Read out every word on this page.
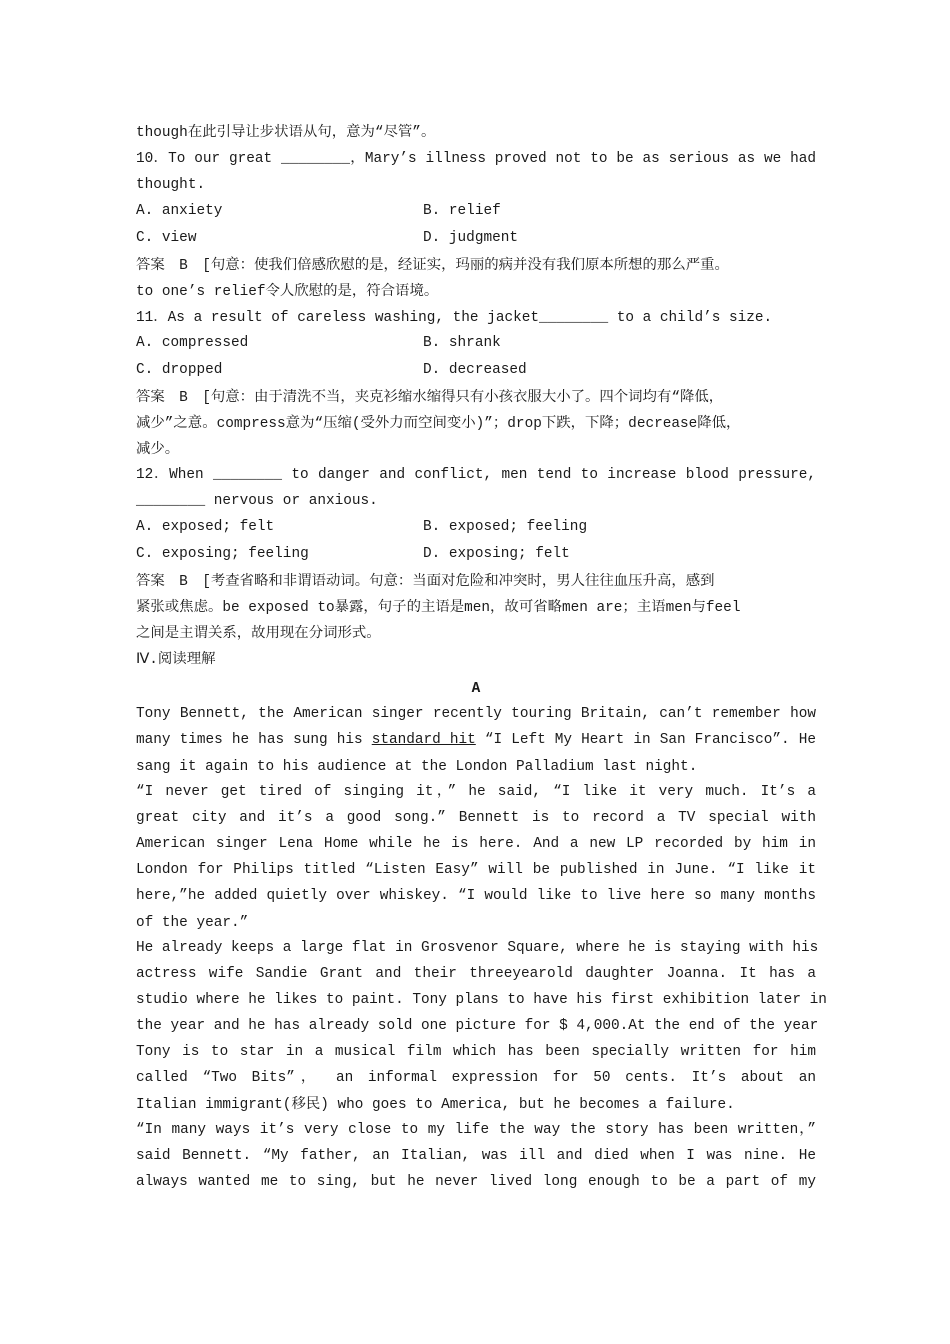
though在此引导让步状语从句，意为“尽管”。
10．To our great ________，Mary’s illness proved not to be as serious as we had
thought.
A. anxiety	B. relief
C. view	D. judgment
答案　B　[句意：使我们倍感欣慰的是，经证实，玛丽的病并没有我们原本所想的那么严重。
to one’s relief令人欣慰的是，符合语境。
11．As a result of careless washing, the jacket________ to a child’s size.
A. compressed	B. shrank
C. dropped	D. decreased
答案　B　[句意：由于清洗不当，夹克衫缩水缩得只有小孩衣服大小了。四个词均有“降低，
减少”之意。compress意为“压缩(受外力而空间变小)”；drop下跌，下降；decrease降低，
减少。
12．When ________ to danger and conflict, men tend to increase blood pressure,
________ nervous or anxious.
A. exposed; felt	B. exposed; feeling
C. exposing; feeling	D. exposing; felt
答案　B　[考查省略和非谓语动词。句意：当面对危险和冲突时，男人往往血压升高，感到
紧张或焦虑。be exposed to暴露，句子的主语是men，故可省略men are；主语men与feel
之间是主谓关系，故用现在分词形式。
Ⅳ.阅读理解
A
Tony Bennett, the American singer recently touring Britain, can’t remember how
many times he has sung his standard hit “I Left My Heart in San Francisco”. He
sang it again to his audience at the London Palladium last night.
“I never get tired of singing it，” he said, “I like it very much. It’s a
great city and it’s a good song.” Bennett is to record a TV special with
American singer Lena Home while he is here. And a new LP recorded by him in
London for Philips titled “Listen Easy” will be published in June. “I like it
here,”he added quietly over whiskey. “I would like to live here so many months
of the year.”
He already keeps a large flat in Grosvenor Square, where he is staying with his
actress wife Sandie Grant and their threeyearold daughter Joanna. It has a
studio where he likes to paint. Tony plans to have his first exhibition later in
the year and he has already sold one picture for $ 4,000.At the end of the year
Tony is to star in a musical film which has been specially written for him
called “Two Bits”， an informal expression for 50 cents. It’s about an
Italian immigrant(移民) who goes to America, but he becomes a failure.
“In many ways it’s very close to my life the way the story has been written，”
said Bennett. “My father, an Italian, was ill and died when I was nine. He
always wanted me to sing, but he never lived long enough to be a part of my
